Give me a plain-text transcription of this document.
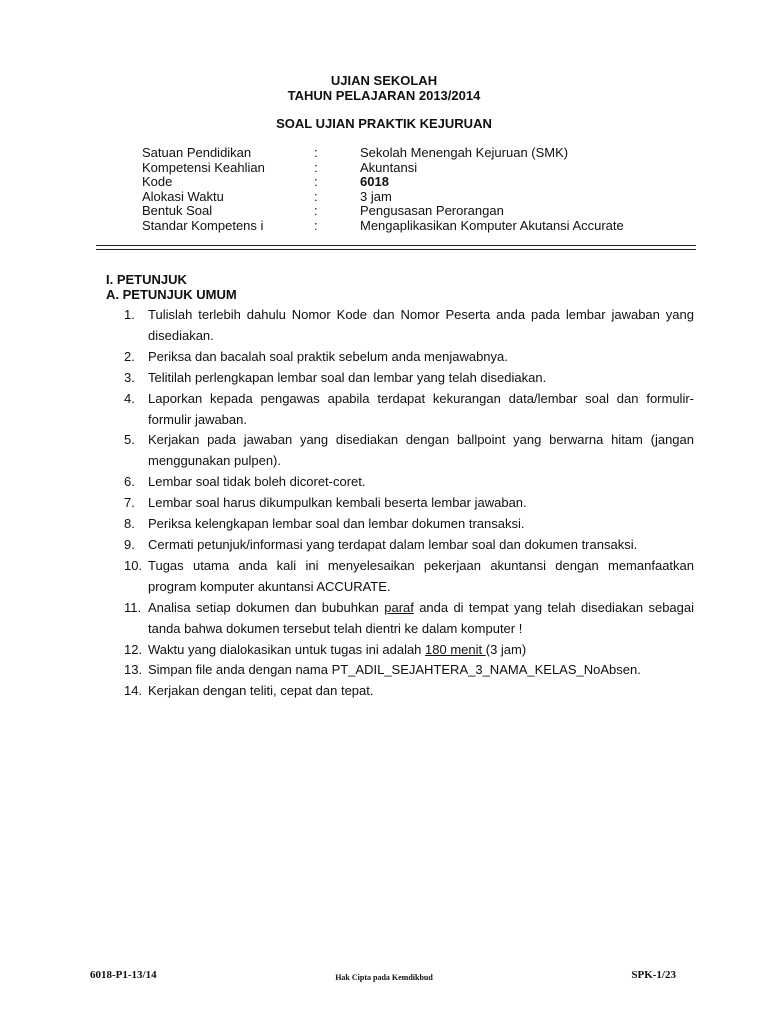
UJIAN SEKOLAH
TAHUN PELAJARAN 2013/2014
SOAL UJIAN PRAKTIK KEJURUAN
Satuan Pendidikan	:	Sekolah Menengah Kejuruan (SMK)
Kompetensi Keahlian	:	Akuntansi
Kode	:	6018
Alokasi Waktu	:	3 jam
Bentuk Soal	:	Pengusasan Perorangan
Standar Kompetens i	:	Mengaplikasikan Komputer Akutansi Accurate
I. PETUNJUK
A. PETUNJUK UMUM
1. Tulislah terlebih dahulu Nomor Kode dan Nomor Peserta anda pada lembar jawaban yang disediakan.
2. Periksa dan bacalah soal praktik sebelum anda menjawabnya.
3. Telitilah perlengkapan lembar soal dan lembar yang telah disediakan.
4. Laporkan kepada pengawas apabila terdapat kekurangan data/lembar soal dan formulir-formulir jawaban.
5. Kerjakan pada jawaban yang disediakan dengan ballpoint yang berwarna hitam (jangan menggunakan pulpen).
6. Lembar soal tidak boleh dicoret-coret.
7. Lembar soal harus dikumpulkan kembali beserta lembar jawaban.
8. Periksa kelengkapan lembar soal dan lembar dokumen transaksi.
9. Cermati petunjuk/informasi yang terdapat dalam lembar soal dan dokumen transaksi.
10. Tugas utama anda kali ini menyelesaikan pekerjaan akuntansi dengan memanfaatkan program komputer akuntansi ACCURATE.
11. Analisa setiap dokumen dan bubuhkan paraf anda di tempat yang telah disediakan sebagai tanda bahwa dokumen tersebut telah dientri ke dalam komputer !
12. Waktu yang dialokasikan untuk tugas ini adalah 180 menit (3 jam)
13. Simpan file anda dengan nama PT_ADIL_SEJAHTERA_3_NAMA_KELAS_NoAbsen.
14. Kerjakan dengan teliti, cepat dan tepat.
6018-P1-13/14	Hak Cipta pada Kemdikbud	SPK-1/23
